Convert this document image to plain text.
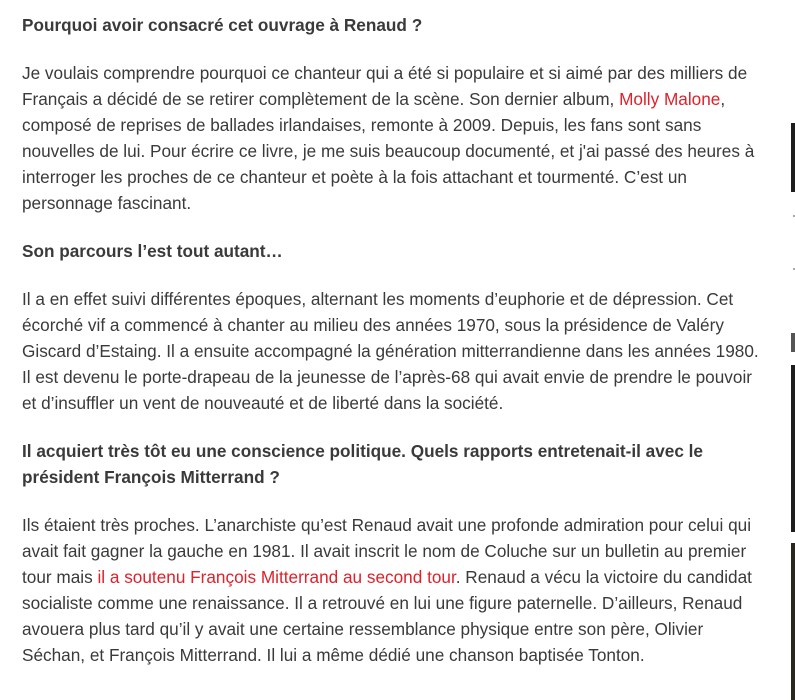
Pourquoi avoir consacré cet ouvrage à Renaud ?

Je voulais comprendre pourquoi ce chanteur qui a été si populaire et si aimé par des milliers de Français a décidé de se retirer complètement de la scène. Son dernier album, Molly Malone, composé de reprises de ballades irlandaises, remonte à 2009. Depuis, les fans sont sans nouvelles de lui. Pour écrire ce livre, je me suis beaucoup documenté, et j'ai passé des heures à interroger les proches de ce chanteur et poète à la fois attachant et tourmenté. C’est un personnage fascinant.

Son parcours l’est tout autant…

Il a en effet suivi différentes époques, alternant les moments d’euphorie et de dépression. Cet écorché vif a commencé à chanter au milieu des années 1970, sous la présidence de Valéry Giscard d’Estaing. Il a ensuite accompagné la génération mitterrandienne dans les années 1980. Il est devenu le porte-drapeau de la jeunesse de l’après-68 qui avait envie de prendre le pouvoir et d’insuffler un vent de nouveauté et de liberté dans la société.

Il acquiert très tôt eu une conscience politique. Quels rapports entretenait-il avec le président François Mitterrand ?

Ils étaient très proches. L’anarchiste qu’est Renaud avait une profonde admiration pour celui qui avait fait gagner la gauche en 1981. Il avait inscrit le nom de Coluche sur un bulletin au premier tour mais il a soutenu François Mitterrand au second tour. Renaud a vécu la victoire du candidat socialiste comme une renaissance. Il a retrouvé en lui une figure paternelle. D’ailleurs, Renaud avouera plus tard qu’il y avait une certaine ressemblance physique entre son père, Olivier Séchan, et François Mitterrand. Il lui a même dédié une chanson baptisée Tonton.
